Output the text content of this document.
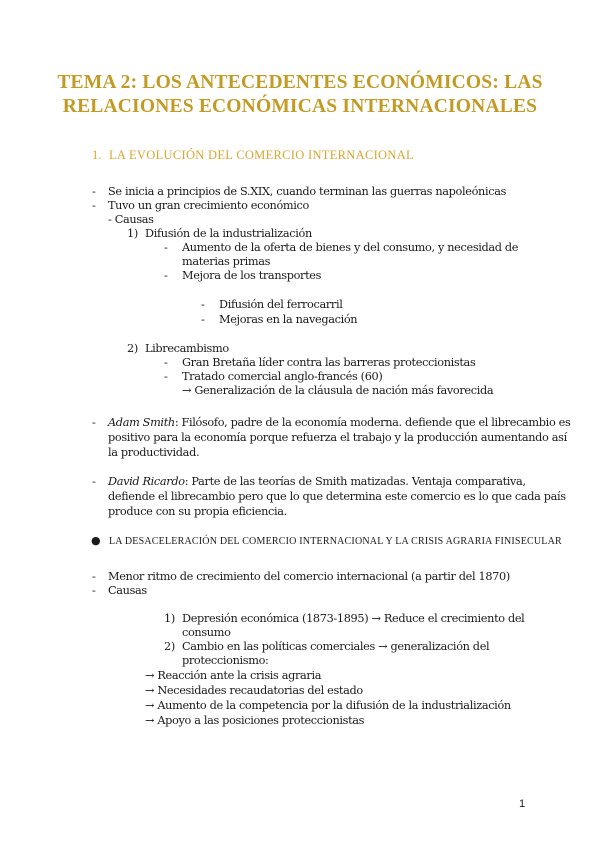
TEMA 2: LOS ANTECEDENTES ECONÓMICOS: LAS
RELACIONES ECONÓMICAS INTERNACIONALES
1. LA EVOLUCIÓN DEL COMERCIO INTERNACIONAL
- Se inicia a principios de S.XIX, cuando terminan las guerras napoleónicas
- Tuvo un gran crecimiento económico
- Causas
1) Difusión de la industrialización
- Aumento de la oferta de bienes y del consumo, y necesidad de
materias primas
- Mejora de los transportes
- Difusión del ferrocarril
- Mejoras en la navegación
2) Librecambismo
- Gran Bretaña líder contra las barreras proteccionistas
- Tratado comercial anglo-francés (60)
→ Generalización de la cláusula de nación más favorecida
- Adam Smith: Filósofo, padre de la economía moderna. defiende que el librecambio es
positivo para la economía porque refuerza el trabajo y la producción aumentando así
la productividad.
- David Ricardo: Parte de las teorías de Smith matizadas. Ventaja comparativa,
defiende el librecambio pero que lo que determina este comercio es lo que cada país
produce con su propia eficiencia.
● LA DESACELERACIÓN DEL COMERCIO INTERNACIONAL Y LA CRISIS AGRARIA FINISECULAR
- Menor ritmo de crecimiento del comercio internacional (a partir del 1870)
- Causas
1) Depresión económica (1873-1895) → Reduce el crecimiento del
consumo
2) Cambio en las políticas comerciales → generalización del
proteccionismo:
→ Reacción ante la crisis agraria
→ Necesidades recaudatorias del estado
→ Aumento de la competencia por la difusión de la industrialización
→ Apoyo a las posiciones proteccionistas
1
